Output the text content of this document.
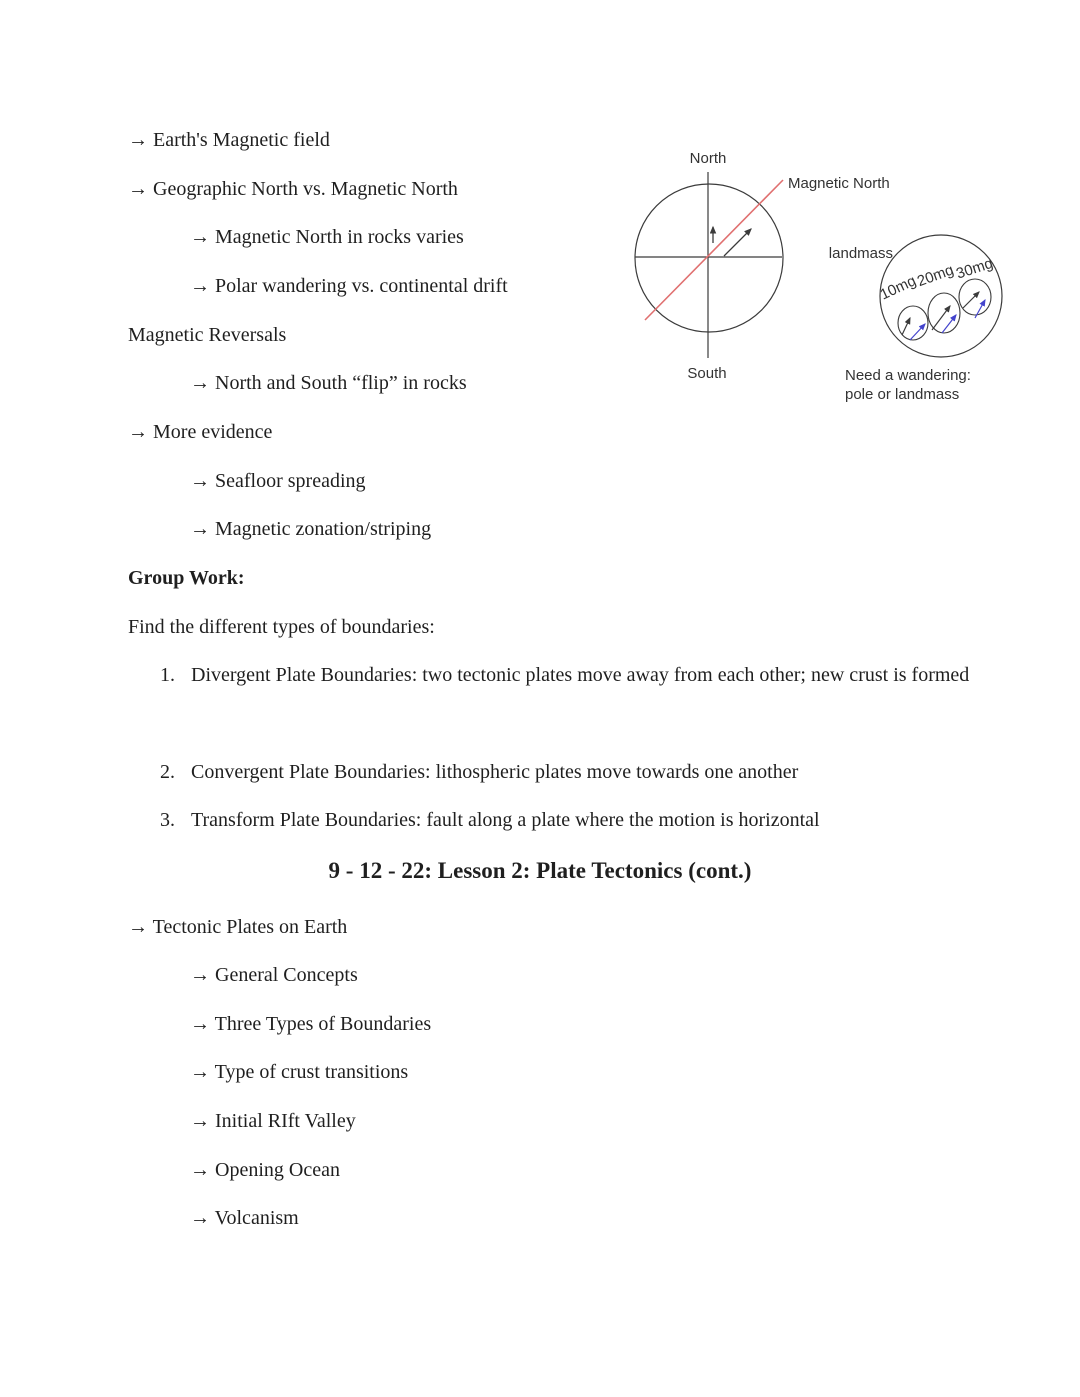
→ Earth's Magnetic field
→ Geographic North vs. Magnetic North
→ Magnetic North in rocks varies
→ Polar wandering vs. continental drift
Magnetic Reversals
→ North and South “flip” in rocks
→ More evidence
→ Seafloor spreading
→ Magnetic zonation/striping
Group Work:
Find the different types of boundaries:
1. Divergent Plate Boundaries: two tectonic plates move away from each other; new crust is formed
2. Convergent Plate Boundaries: lithospheric plates move towards one another
3. Transform Plate Boundaries: fault along a plate where the motion is horizontal
9 - 12 - 22: Lesson 2: Plate Tectonics (cont.)
→ Tectonic Plates on Earth
→ General Concepts
→ Three Types of Boundaries
→ Type of crust transitions
→ Initial RIft Valley
→ Opening Ocean
→ Volcanism
North
South
Magnetic North
10mg
20mg
30mg
landmass
Need a wandering:
pole or landmass
